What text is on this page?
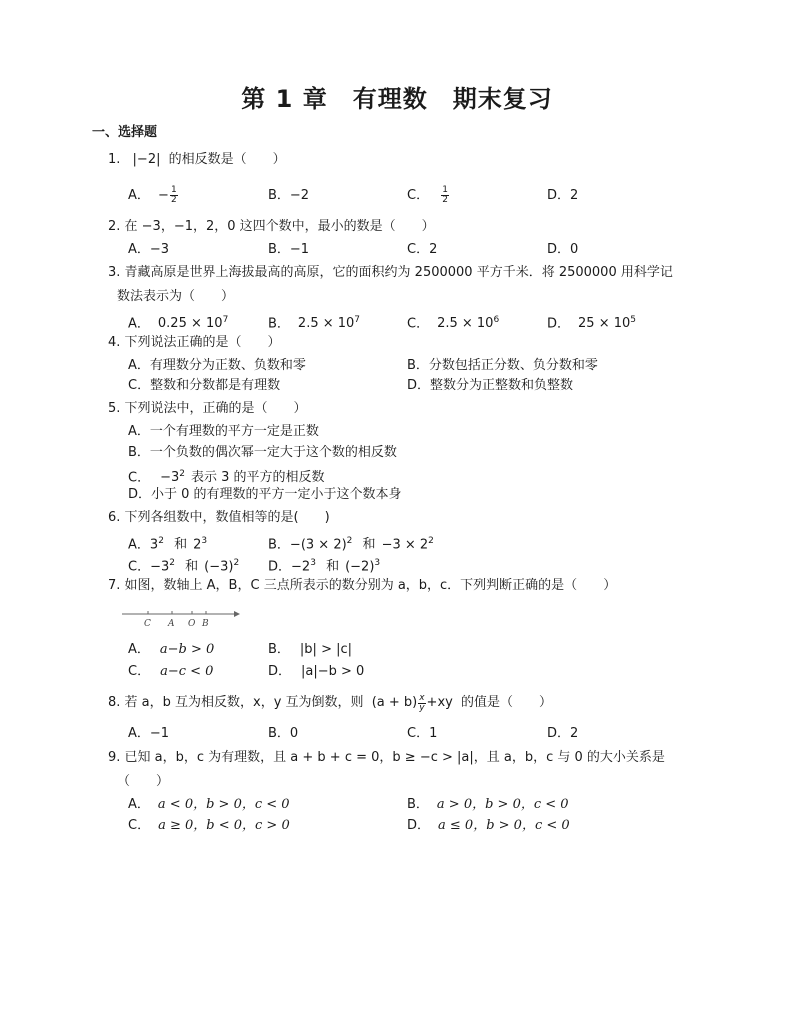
第 1 章　有理数　期末复习
一、选择题
1. |−2| 的相反数是（　　）
A． − $\frac{1}{2}$	B．−2	C． $\frac{1}{2}$	D．2
2. 在 −3，−1，2，0 这四个数中，最小的数是（　　）
A．−3	B．−1	C．2	D．0
3. 青藏高原是世界上海拔最高的高原，它的面积约为 2500000 平方千米．将 2500000 用科学记
数法表示为（　　）
A． $0.25 \times 10^7$	B． $2.5 \times 10^7$	C． $2.5 \times 10^6$	D． $25 \times 10^5$
4. 下列说法正确的是（　　）
A．有理数分为正数、负数和零	B．分数包括正分数、负分数和零
C．整数和分数都是有理数	D．整数分为正整数和负整数
5. 下列说法中，正确的是（　　）
A．一个有理数的平方一定是正数
B．一个负数的偶次幂一定大于这个数的相反数
C． $-3^2$ 表示 3 的平方的相反数
D．小于 0 的有理数的平方一定小于这个数本身
6. 下列各组数中，数值相等的是(　　)
A．$3^2$ 和 $2^3$	B．$-(3 \times 2)^2$ 和 $-3 \times 2^2$
C．$-3^2$ 和 $(-3)^2$ D．$-2^3$ 和 $(-2)^3$
7. 如图，数轴上 A，B，C 三点所表示的数分别为 a，b，c．下列判断正确的是（　　）
C A O B
A． a−b > 0	B． |b| > |c|
C． a−c < 0	D． |a|−b > 0
8. 若 a，b 互为相反数，x，y 互为倒数，则 $(a + b) \frac{x}{y} +xy$ 的值是（　　）
A．−1	B．0	C．1	D．2
9. 已知 a，b，c 为有理数，且 a + b + c = 0，b ≥ −c > |a|，且 a，b，c 与 0 的大小关系是
（　　）
A． a < 0，b > 0，c < 0	B． a > 0，b > 0，c < 0
C． a ≥ 0，b < 0，c > 0	D． a ≤ 0，b > 0，c < 0
